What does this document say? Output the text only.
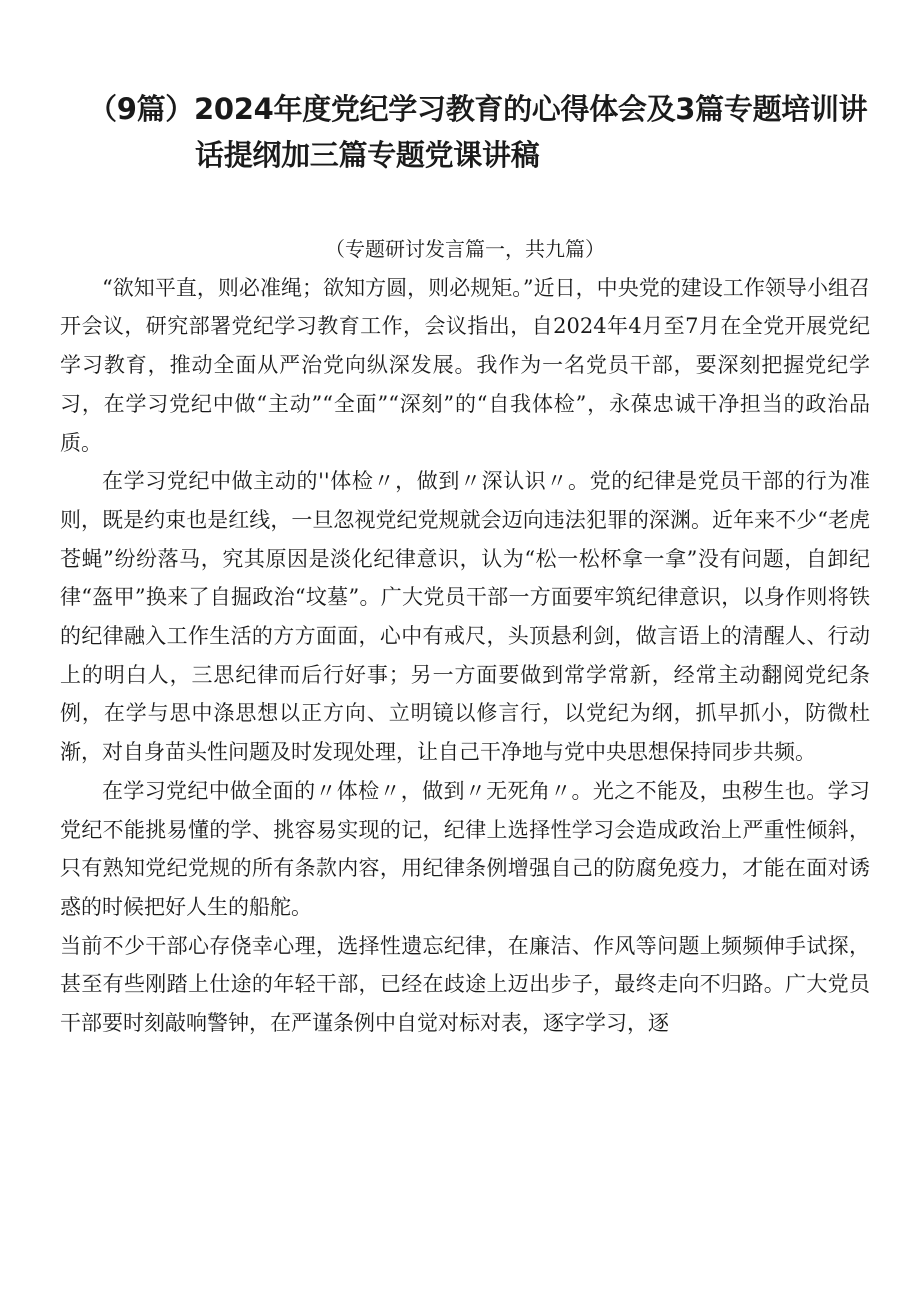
（9篇）2024年度党纪学习教育的心得体会及3篇专题培训讲
话提纲加三篇专题党课讲稿

（专题研讨发言篇一，共九篇）

“欲知平直，则必准绳；欲知方圆，则必规矩。”近日，中央党的建设工作领导小组召开会议，研究部署党纪学习教育工作，会议指出，自2024年4月至7月在全党开展党纪学习教育，推动全面从严治党向纵深发展。我作为一名党员干部，要深刻把握党纪学习，在学习党纪中做“主动”“全面”“深刻”的“自我体检”，永葆忠诚干净担当的政治品质。

在学习党纪中做主动的''体检〃，做到〃深认识〃。党的纪律是党员干部的行为准则，既是约束也是红线，一旦忽视党纪党规就会迈向违法犯罪的深渊。近年来不少“老虎苍蝇”纷纷落马，究其原因是淡化纪律意识，认为“松一松杯拿一拿”没有问题，自卸纪律“盔甲”换来了自掘政治“坟墓”。广大党员干部一方面要牢筑纪律意识，以身作则将铁的纪律融入工作生活的方方面面，心中有戒尺，头顶悬利剑，做言语上的清醒人、行动上的明白人，三思纪律而后行好事；另一方面要做到常学常新，经常主动翻阅党纪条例，在学与思中涤思想以正方向、立明镜以修言行，以党纪为纲，抓早抓小，防微杜渐，对自身苗头性问题及时发现处理，让自己干净地与党中央思想保持同步共频。

在学习党纪中做全面的〃体检〃，做到〃无死角〃。光之不能及，虫秽生也。学习党纪不能挑易懂的学、挑容易实现的记，纪律上选择性学习会造成政治上严重性倾斜，只有熟知党纪党规的所有条款内容，用纪律条例增强自己的防腐免疫力，才能在面对诱惑的时候把好人生的船舵。

当前不少干部心存侥幸心理，选择性遗忘纪律，在廉洁、作风等问题上频频伸手试探，甚至有些刚踏上仕途的年轻干部，已经在歧途上迈出步子，最终走向不归路。广大党员干部要时刻敲响警钟，在严谨条例中自觉对标对表，逐字学习，逐
